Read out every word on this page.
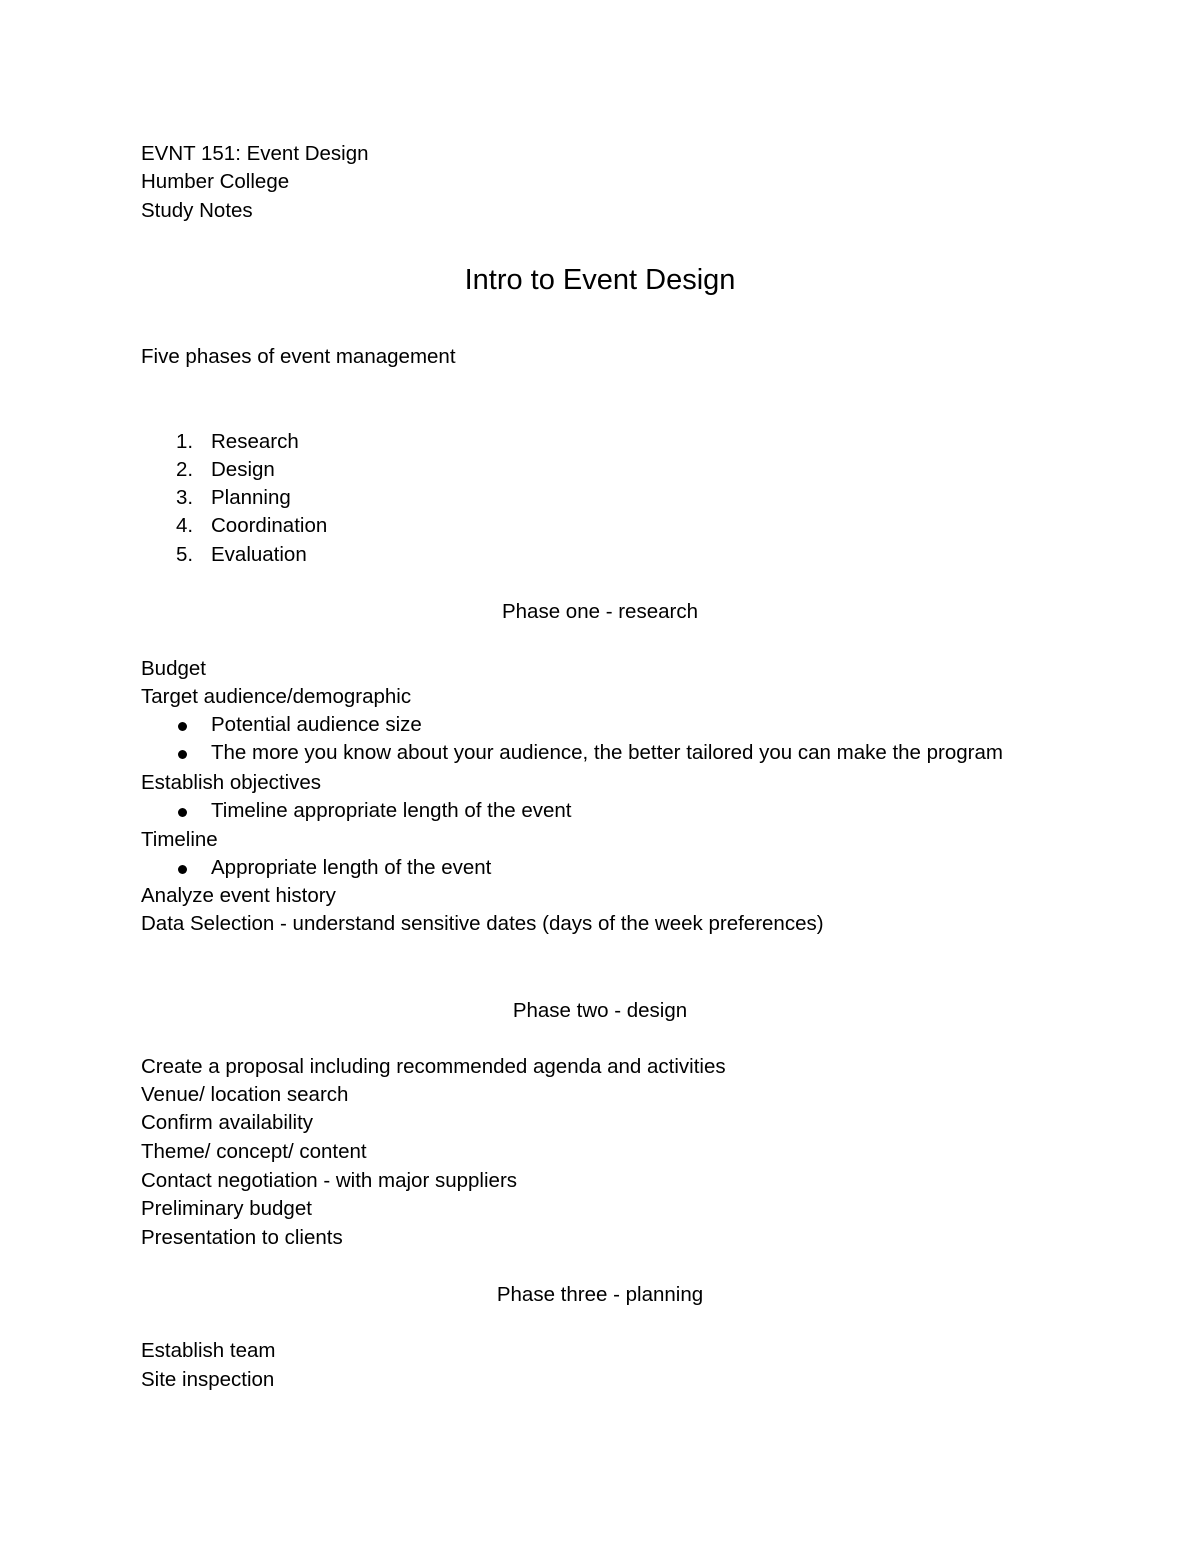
EVNT 151: Event Design

Humber College

Study Notes

Intro to Event Design

Five phases of event management

1. Research
2. Design
3. Planning
4. Coordination
5. Evaluation

Phase one - research

Budget

Target audience/demographic

Potential audience size
The more you know about your audience, the better tailored you can make the program

Establish objectives

Timeline appropriate length of the event

Timeline

Appropriate length of the event

Analyze event history

Data Selection - understand sensitive dates (days of the week preferences)

Phase two - design

Create a proposal including recommended agenda and activities

Venue/ location search

Confirm availability

Theme/ concept/ content

Contact negotiation - with major suppliers

Preliminary budget

Presentation to clients

Phase three - planning

Establish team

Site inspection
